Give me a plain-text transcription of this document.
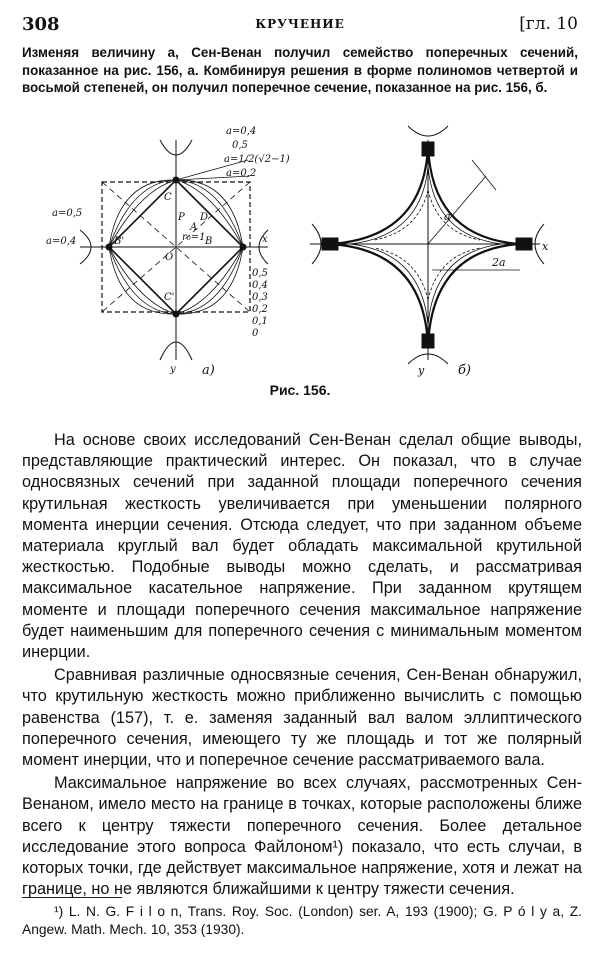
308	КРУЧЕНИЕ	[гл. 10
Изменяя величину a, Сен-Венан получил семейство поперечных сечений, показанное на рис. 156, a. Комбинируя решения в форме полиномов четвертой и восьмой степеней, он получил поперечное сечение, показанное на рис. 156, б.
a=0,5
a=0,4
a=0,4
0,5
a=1/2(√2−1)
a=0,2
0,5
0,4
0,3
0,2
0,1
0
C
B
C'
B'
D
P
A
O
r₀=1	x
y а)
a
2a
x
y	б)
Рис. 156.

На основе своих исследований Сен-Венан сделал общие выводы, представляющие практический интерес. Он показал, что в случае односвязных сечений при заданной площади поперечного сечения крутильная жесткость увеличивается при уменьшении полярного момента инерции сечения. Отсюда следует, что при заданном объеме материала круглый вал будет обладать максимальной крутильной жесткостью. Подобные выводы можно сделать, и рассматривая максимальное касательное напряжение. При заданном крутящем моменте и площади поперечного сечения максимальное напряжение будет наименьшим для поперечного сечения с минимальным моментом инерции.

Сравнивая различные односвязные сечения, Сен-Венан обнаружил, что крутильную жесткость можно приближенно вычислить с помощью равенства (157), т. е. заменяя заданный вал валом эллиптического поперечного сечения, имеющего ту же площадь и тот же полярный момент инерции, что и поперечное сечение рассматриваемого вала.

Максимальное напряжение во всех случаях, рассмотренных Сен-Венаном, имело место на границе в точках, которые расположены ближе всего к центру тяжести поперечного сечения. Более детальное исследование этого вопроса Файлоном¹) показало, что есть случаи, в которых точки, где действует максимальное напряжение, хотя и лежат на границе, но не являются ближайшими к центру тяжести сечения.

¹) L. N. G. F i l o n, Trans. Roy. Soc. (London) ser. A, 193 (1900); G. P ó l y a, Z. Angew. Math. Mech. 10, 353 (1930).
